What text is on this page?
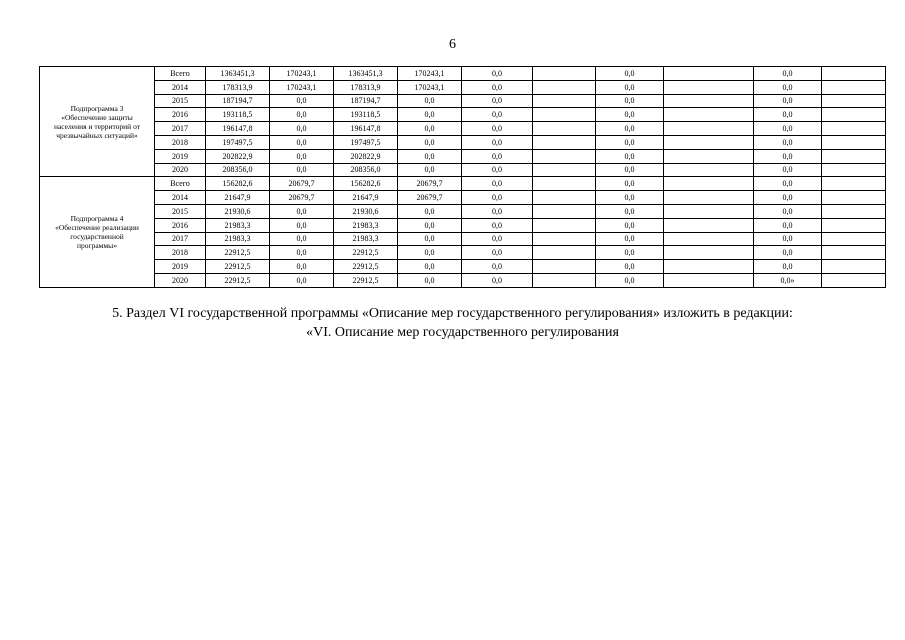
6
Подпрограмма 3
«Обеспечение защиты
населения и территорий от
чрезвычайных ситуаций»	Всего	1363451,3	170243,1	1363451,3	170243,1	0,0		0,0		0,0	
	2014	178313,9	170243,1	178313,9	170243,1	0,0		0,0		0,0	
	2015	187194,7	0,0	187194,7	0,0	0,0		0,0		0,0	
	2016	193118,5	0,0	193118,5	0,0	0,0		0,0		0,0	
	2017	196147,8	0,0	196147,8	0,0	0,0		0,0		0,0	
	2018	197497,5	0,0	197497,5	0,0	0,0		0,0		0,0	
	2019	202822,9	0,0	202822,9	0,0	0,0		0,0		0,0	
	2020	208356,0	0,0	208356,0	0,0	0,0		0,0		0,0	

Подпрограмма 4
«Обеспечение реализации
государственной
программы»	Всего	156282,6	20679,7	156282,6	20679,7	0,0		0,0		0,0	
	2014	21647,9	20679,7	21647,9	20679,7	0,0		0,0		0,0	
	2015	21930,6	0,0	21930,6	0,0	0,0		0,0		0,0	
	2016	21983,3	0,0	21983,3	0,0	0,0		0,0		0,0	
	2017	21983,3	0,0	21983,3	0,0	0,0		0,0		0,0	
	2018	22912,5	0,0	22912,5	0,0	0,0		0,0		0,0	
	2019	22912,5	0,0	22912,5	0,0	0,0		0,0		0,0	
	2020	22912,5	0,0	22912,5	0,0	0,0		0,0		0,0»	
5. Раздел VI государственной программы «Описание мер государственного регулирования» изложить в редакции:
«VI. Описание мер государственного регулирования
